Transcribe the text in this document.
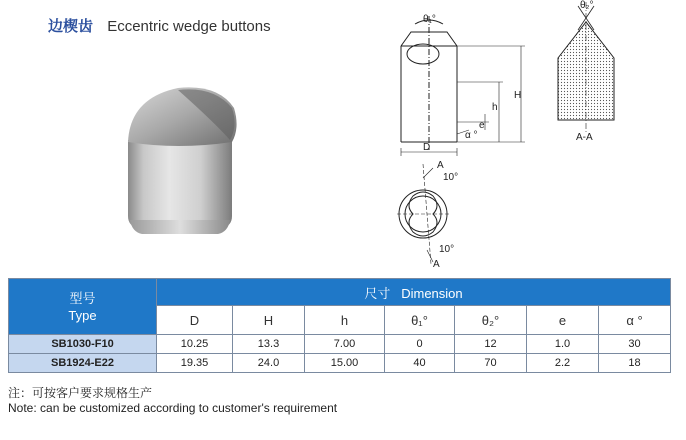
边楔齿 Eccentric wedge buttons	θ₁°
H
h
e
α °
D
θ₂°
A-A
A
10°
10°
A
型号
Type	尺寸   Dimension						
	D	H	h	θ₁°	θ₂°	e	α °
SB1030-F10	10.25	13.3	7.00	0	12	1.0	30
SB1924-E22	19.35	24.0	15.00	40	70	2.2	18
注：可按客户要求规格生产
Note: can be customized according to customer's requirement
